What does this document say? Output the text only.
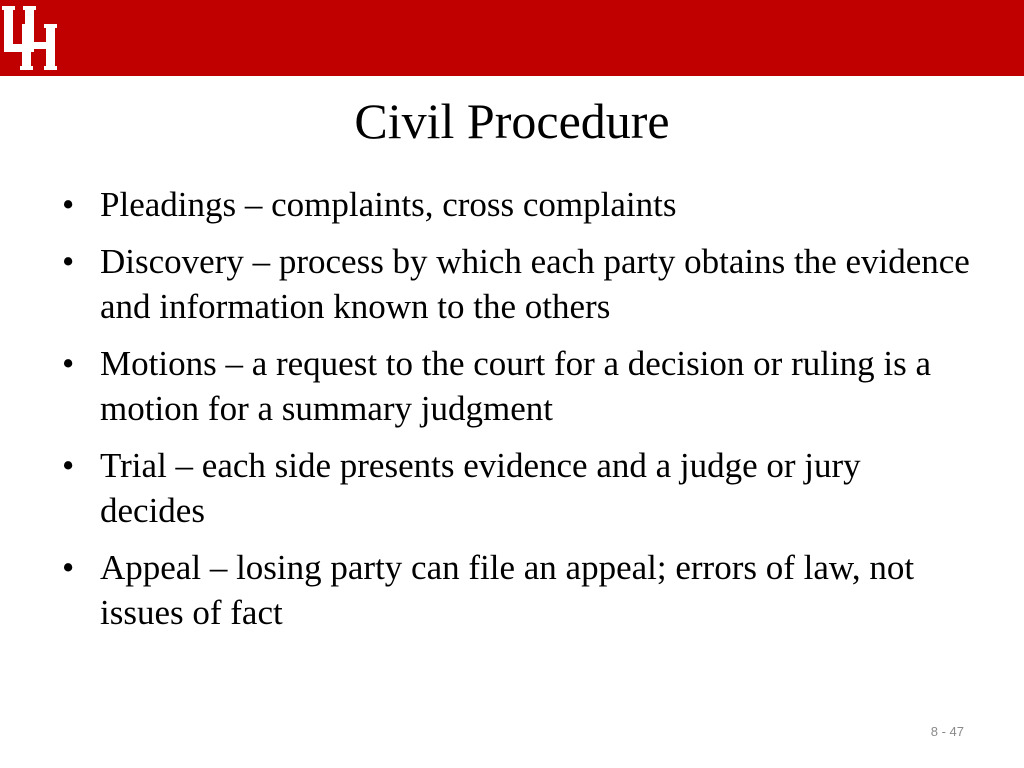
Civil Procedure
• Pleadings – complaints, cross complaints
• Discovery – process by which each party obtains the evidence and information known to the others
• Motions – a request to the court for a decision or ruling is a motion for a summary judgment
• Trial – each side presents evidence and a judge or jury decides
• Appeal – losing party can file an appeal; errors of law, not issues of fact
8 - 47
